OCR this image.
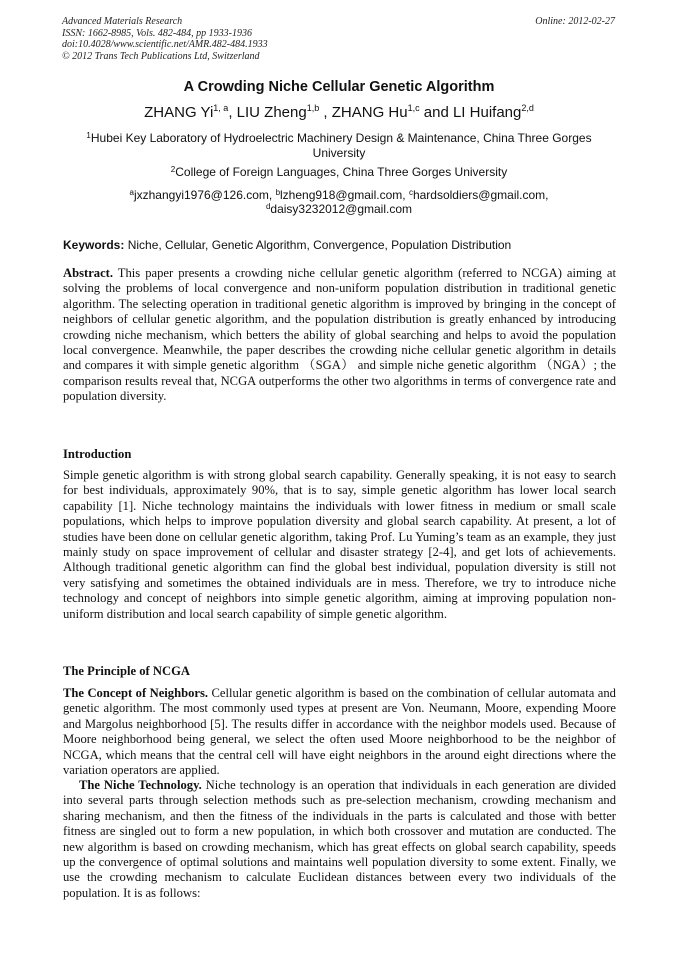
Advanced Materials Research
ISSN: 1662-8985, Vols. 482-484, pp 1933-1936
doi:10.4028/www.scientific.net/AMR.482-484.1933
© 2012 Trans Tech Publications Ltd, Switzerland
Online: 2012-02-27
A Crowding Niche Cellular Genetic Algorithm
ZHANG Yi$^{1, a}$, LIU Zheng$^{1,b}$ , ZHANG Hu$^{1,c}$ and LI Huifang$^{2,d}$
$^1$Hubei Key Laboratory of Hydroelectric Machinery Design & Maintenance, China Three Gorges University
$^2$College of Foreign Languages, China Three Gorges University
$^a$jxzhangyi1976@126.com, $^b$lzheng918@gmail.com, $^c$hardsoldiers@gmail.com,
$^d$daisy3232012@gmail.com
Keywords: Niche, Cellular, Genetic Algorithm, Convergence, Population Distribution
Abstract. This paper presents a crowding niche cellular genetic algorithm (referred to NCGA) aiming at solving the problems of local convergence and non-uniform population distribution in traditional genetic algorithm. The selecting operation in traditional genetic algorithm is improved by bringing in the concept of neighbors of cellular genetic algorithm, and the population distribution is greatly enhanced by introducing crowding niche mechanism, which betters the ability of global searching and helps to avoid the population local convergence. Meanwhile, the paper describes the crowding niche cellular genetic algorithm in details and compares it with simple genetic algorithm （SGA） and simple niche genetic algorithm （NGA）; the comparison results reveal that, NCGA outperforms the other two algorithms in terms of convergence rate and population diversity.
Introduction
Simple genetic algorithm is with strong global search capability. Generally speaking, it is not easy to search for best individuals, approximately 90%, that is to say, simple genetic algorithm has lower local search capability [1]. Niche technology maintains the individuals with lower fitness in medium or small scale populations, which helps to improve population diversity and global search capability. At present, a lot of studies have been done on cellular genetic algorithm, taking Prof. Lu Yuming’s team as an example, they just mainly study on space improvement of cellular and disaster strategy [2-4], and get lots of achievements. Although traditional genetic algorithm can find the global best individual, population diversity is still not very satisfying and sometimes the obtained individuals are in mess. Therefore, we try to introduce niche technology and concept of neighbors into simple genetic algorithm, aiming at improving population non-uniform distribution and local search capability of simple genetic algorithm.
The Principle of NCGA
The Concept of Neighbors. Cellular genetic algorithm is based on the combination of cellular automata and genetic algorithm. The most commonly used types at present are Von. Neumann, Moore, expending Moore and Margolus neighborhood [5]. The results differ in accordance with the neighbor models used. Because of Moore neighborhood being general, we select the often used Moore neighborhood to be the neighbor of NCGA, which means that the central cell will have eight neighbors in the around eight directions where the variation operators are applied.
The Niche Technology. Niche technology is an operation that individuals in each generation are divided into several parts through selection methods such as pre-selection mechanism, crowding mechanism and sharing mechanism, and then the fitness of the individuals in the parts is calculated and those with better fitness are singled out to form a new population, in which both crossover and mutation are conducted. The new algorithm is based on crowding mechanism, which has great effects on global search capability, speeds up the convergence of optimal solutions and maintains well population diversity to some extent. Finally, we use the crowding mechanism to calculate Euclidean distances between every two individuals of the population. It is as follows:
